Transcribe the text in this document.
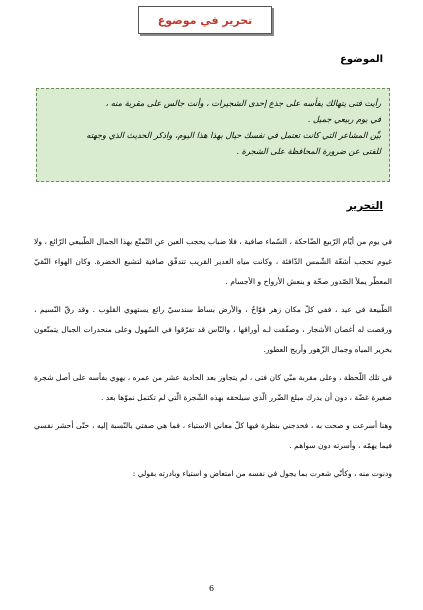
تحرير في موضوع
الموضوع

رأيت فتى يتهالك يفأسه على جذع إحدى الشجيرات ، وأنت جالس على مقربة منه ،

في يوم ربيعي جميل .

بيِّن المشاعر التي كانت تعتمل في نفسك حيال بهذا هذا اليوم، واذكر الحديث الذي وجهته

للفتى عن ضرورة المحافظة على الشجرة .

التحرير

في يوم من أيّام الرّبيع الضّاحكة ، السّماء صافية ، فلا ضباب يحجب العين عن التّمتّع بهذا الجمال الطّبيعي الرّائع ، ولا غيوم تحجب أشعّة الشّمس الدّافئة ، وكانت مياه الغدير القريب تتدفّق صافية لتشبع الخضرة. وكان الهواء النّقيّ المعطّر يملأ الصّدور صحّة و ينعش الأرواح و الأجسام .

الطّبيعة في عيد ، ففي كلّ مكان زهر فوّاحٌ ، والأرض بساط سندسيّ رائع يستهوي القلوب . وقد رقّ النّسيم ، ورقصت له أغصان الأشجار ، وصفّقت لـه أوراقها ، والنّاس قد تفرّقوا في السّهول وعلى منحدرات الجبال يتمتّعون بخرير المياه وجمال الزّهور وأريج العطور.

في تلك اللّحظة ، وعلى مقربة منّي كان فتى ، لم يتجاوز بعد الحادية عشر من عمره ، يهوي بفأسه على أصل شجرة صغيرة غضّة ، دون أن يدرك مبلغ الضّرر الّذي سيلحقه بهذه الشّجرة الّتي لم تكتمل نموّها بعد .

وهنا أسرعت و صحت به ، فحدجني بنظرة فيها كلّ معاني الاستياء ، فما هي صفتي بالنّسبة إليه ، حتّى أحشر نفسي فيما يهمّه ، وأسرته دون سواهم .

ودنوت منه ، وكأنّي شعرت بما يجول في نفسه من امتعاض و استياء وبادرته بقولي :

6
